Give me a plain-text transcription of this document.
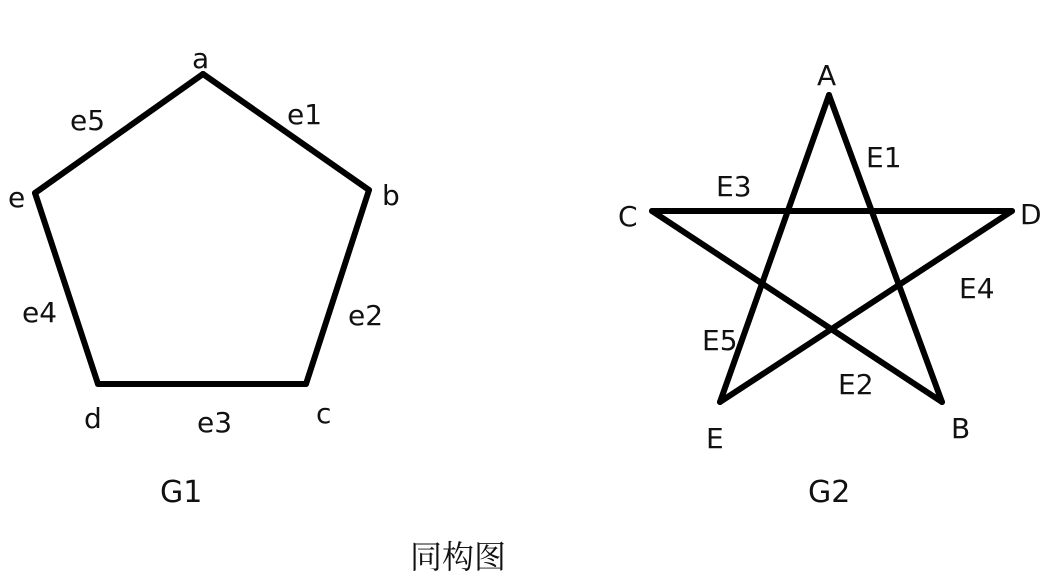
a
b
c
d
e
e1
e2
e3
e4
e5
G1
A
B
C	D
E
E1
E2
E3
E4
E5
G2
同构图
